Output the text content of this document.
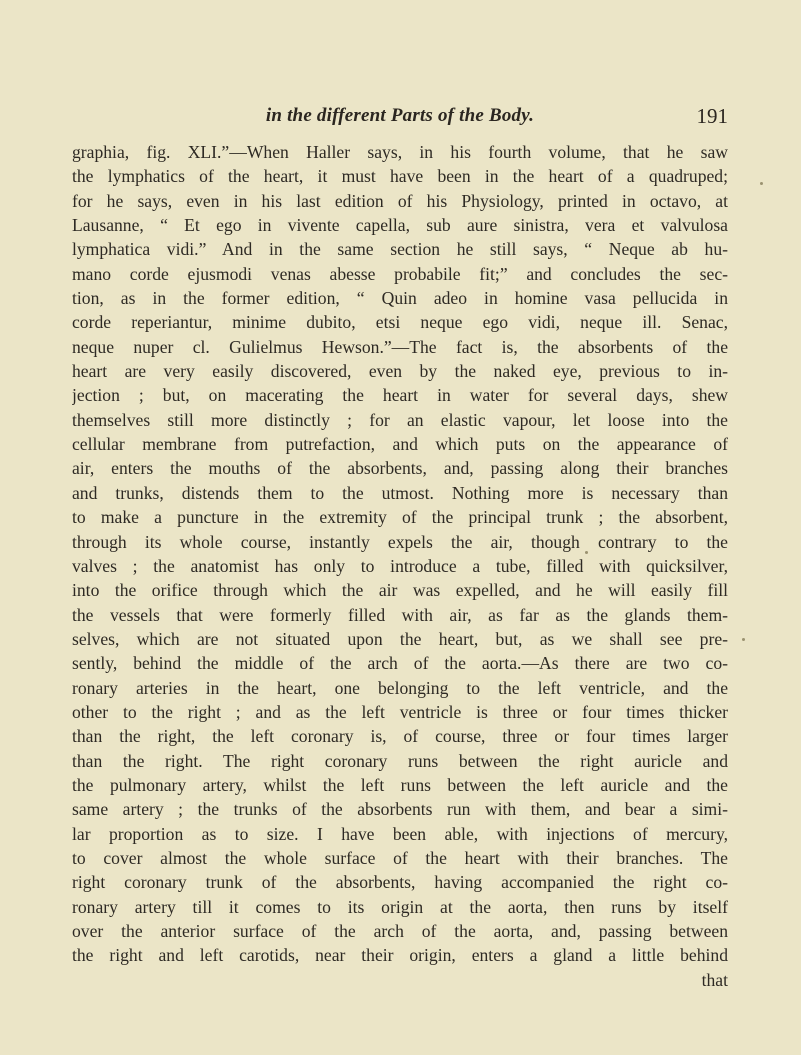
in the different Parts of the Body.	191
graphia, fig. XLI.”—When Haller says, in his fourth volume, that he saw
the lymphatics of the heart, it must have been in the heart of a quadruped;
for he says, even in his last edition of his Physiology, printed in octavo, at
Lausanne, “ Et ego in vivente capella, sub aure sinistra, vera et valvulosa
lymphatica vidi.” And in the same section he still says, “ Neque ab hu-
mano corde ejusmodi venas abesse probabile fit;” and concludes the sec-
tion, as in the former edition, “ Quin adeo in homine vasa pellucida in
corde reperiantur, minime dubito, etsi neque ego vidi, neque ill. Senac,
neque nuper cl. Gulielmus Hewson.”—The fact is, the absorbents of the
heart are very easily discovered, even by the naked eye, previous to in-
jection ; but, on macerating the heart in water for several days, shew
themselves still more distinctly ; for an elastic vapour, let loose into the
cellular membrane from putrefaction, and which puts on the appearance of
air, enters the mouths of the absorbents, and, passing along their branches
and trunks, distends them to the utmost. Nothing more is necessary than
to make a puncture in the extremity of the principal trunk ; the absorbent,
through its whole course, instantly expels the air, though contrary to the
valves ; the anatomist has only to introduce a tube, filled with quicksilver,
into the orifice through which the air was expelled, and he will easily fill
the vessels that were formerly filled with air, as far as the glands them-
selves, which are not situated upon the heart, but, as we shall see pre-
sently, behind the middle of the arch of the aorta.—As there are two co-
ronary arteries in the heart, one belonging to the left ventricle, and the
other to the right ; and as the left ventricle is three or four times thicker
than the right, the left coronary is, of course, three or four times larger
than the right. The right coronary runs between the right auricle and
the pulmonary artery, whilst the left runs between the left auricle and the
same artery ; the trunks of the absorbents run with them, and bear a simi-
lar proportion as to size. I have been able, with injections of mercury,
to cover almost the whole surface of the heart with their branches. The
right coronary trunk of the absorbents, having accompanied the right co-
ronary artery till it comes to its origin at the aorta, then runs by itself
over the anterior surface of the arch of the aorta, and, passing between
the right and left carotids, near their origin, enters a gland a little behind
that
